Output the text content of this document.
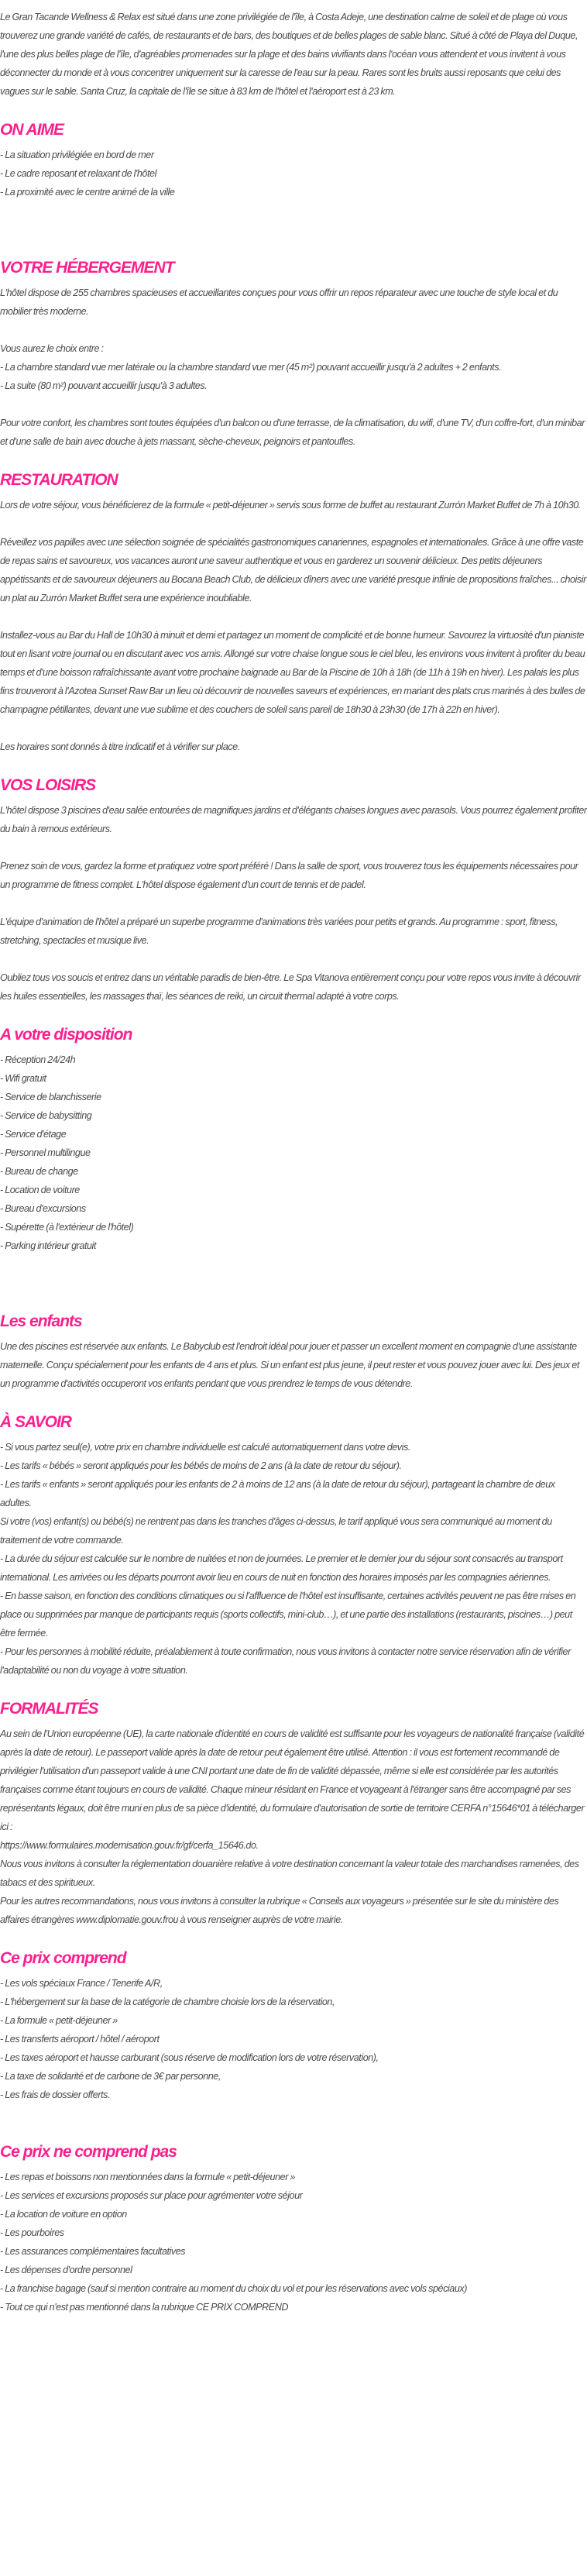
Le Gran Tacande Wellness & Relax est situé dans une zone privilégiée de l'île, à Costa Adeje, une destination calme de soleil et de plage où vous trouverez une grande variété de cafés, de restaurants et de bars, des boutiques et de belles plages de sable blanc. Situé à côté de Playa del Duque, l'une des plus belles plage de l'île, d'agréables promenades sur la plage et des bains vivifiants dans l'océan vous attendent et vous invitent à vous déconnecter du monde et à vous concentrer uniquement sur la caresse de l'eau sur la peau. Rares sont les bruits aussi reposants que celui des vagues sur le sable. Santa Cruz, la capitale de l'île se situe à 83 km de l'hôtel et l'aéroport est à 23 km.

ON AIME
- La situation privilégiée en bord de mer
- Le cadre reposant et relaxant de l'hôtel
- La proximité avec le centre animé de la ville
VOTRE HÉBERGEMENT

L'hôtel dispose de 255 chambres spacieuses et accueillantes conçues pour vous offrir un repos réparateur avec une touche de style local et du mobilier très moderne.

Vous aurez le choix entre :

- La chambre standard vue mer latérale ou la chambre standard vue mer (45 m²) pouvant accueillir jusqu'à 2 adultes + 2 enfants.

- La suite (80 m²) pouvant accueillir jusqu'à 3 adultes.

Pour votre confort, les chambres sont toutes équipées d'un balcon ou d'une terrasse, de la climatisation, du wifi, d'une TV, d'un coffre-fort, d'un minibar et d'une salle de bain avec douche à jets massant, sèche-cheveux, peignoirs et pantoufles.

RESTAURATION

Lors de votre séjour, vous bénéficierez de la formule « petit-déjeuner » servis sous forme de buffet au restaurant Zurrón Market Buffet de 7h à 10h30.

Réveillez vos papilles avec une sélection soignée de spécialités gastronomiques canariennes, espagnoles et internationales. Grâce à une offre vaste de repas sains et savoureux, vos vacances auront une saveur authentique et vous en garderez un souvenir délicieux. Des petits déjeuners appétissants et de savoureux déjeuners au Bocana Beach Club, de délicieux dîners avec une variété presque infinie de propositions fraîches... choisir un plat au Zurrón Market Buffet sera une expérience inoubliable.

Installez-vous au Bar du Hall de 10h30 à minuit et demi et partagez un moment de complicité et de bonne humeur. Savourez la virtuosité d'un pianiste tout en lisant votre journal ou en discutant avec vos amis. Allongé sur votre chaise longue sous le ciel bleu, les environs vous invitent à profiter du beau temps et d'une boisson rafraîchissante avant votre prochaine baignade au Bar de la Piscine de 10h à 18h (de 11h à 19h en hiver). Les palais les plus fins trouveront à l'Azotea Sunset Raw Bar un lieu où découvrir de nouvelles saveurs et expériences, en mariant des plats crus marinés à des bulles de champagne pétillantes, devant une vue sublime et des couchers de soleil sans pareil de 18h30 à 23h30 (de 17h à 22h en hiver).

Les horaires sont donnés à titre indicatif et à vérifier sur place.

VOS LOISIRS

L'hôtel dispose 3 piscines d'eau salée entourées de magnifiques jardins et d'élégants chaises longues avec parasols. Vous pourrez également profiter du bain à remous extérieurs.

Prenez soin de vous, gardez la forme et pratiquez votre sport préféré ! Dans la salle de sport, vous trouverez tous les équipements nécessaires pour un programme de fitness complet. L'hôtel dispose également d'un court de tennis et de padel.

L'équipe d'animation de l'hôtel a préparé un superbe programme d'animations très variées pour petits et grands. Au programme : sport, fitness, stretching, spectacles et musique live.

Oubliez tous vos soucis et entrez dans un véritable paradis de bien-être. Le Spa Vitanova entièrement conçu pour votre repos vous invite à découvrir les huiles essentielles, les massages thaï, les séances de reiki, un circuit thermal adapté à votre corps.

A votre disposition
- Réception 24/24h
- Wifi gratuit
- Service de blanchisserie
- Service de babysitting
- Service d'étage
- Personnel multilingue
- Bureau de change
- Location de voiture
- Bureau d'excursions
- Supérette (à l'extérieur de l'hôtel)
- Parking intérieur gratuit
Les enfants

Une des piscines est réservée aux enfants. Le Babyclub est l'endroit idéal pour jouer et passer un excellent moment en compagnie d'une assistante maternelle. Conçu spécialement pour les enfants de 4 ans et plus. Si un enfant est plus jeune, il peut rester et vous pouvez jouer avec lui. Des jeux et un programme d'activités occuperont vos enfants pendant que vous prendrez le temps de vous détendre.

À SAVOIR
- Si vous partez seul(e), votre prix en chambre individuelle est calculé automatiquement dans votre devis.
- Les tarifs « bébés » seront appliqués pour les bébés de moins de 2 ans (à la date de retour du séjour).
- Les tarifs « enfants » seront appliqués pour les enfants de 2 à moins de 12 ans (à la date de retour du séjour), partageant la chambre de deux adultes.
Si votre (vos) enfant(s) ou bébé(s) ne rentrent pas dans les tranches d'âges ci-dessus, le tarif appliqué vous sera communiqué au moment du traitement de votre commande.
- La durée du séjour est calculée sur le nombre de nuitées et non de journées. Le premier et le dernier jour du séjour sont consacrés au transport international. Les arrivées ou les départs pourront avoir lieu en cours de nuit en fonction des horaires imposés par les compagnies aériennes.
- En basse saison, en fonction des conditions climatiques ou si l'affluence de l'hôtel est insuffisante, certaines activités peuvent ne pas être mises en place ou supprimées par manque de participants requis (sports collectifs, mini-club…), et une partie des installations (restaurants, piscines…) peut être fermée.
- Pour les personnes à mobilité réduite, préalablement à toute confirmation, nous vous invitons à contacter notre service réservation afin de vérifier l'adaptabilité ou non du voyage à votre situation.
FORMALITÉS

Au sein de l'Union européenne (UE), la carte nationale d'identité en cours de validité est suffisante pour les voyageurs de nationalité française (validité après la date de retour). Le passeport valide après la date de retour peut également être utilisé. Attention : il vous est fortement recommandé de privilégier l'utilisation d'un passeport valide à une CNI portant une date de fin de validité dépassée, même si elle est considérée par les autorités françaises comme étant toujours en cours de validité. Chaque mineur résidant en France et voyageant à l'étranger sans être accompagné par ses représentants légaux, doit être muni en plus de sa pièce d'identité, du formulaire d'autorisation de sortie de territoire CERFA n°15646*01 à télécharger ici :

https://www.formulaires.modernisation.gouv.fr/gf/cerfa_15646.do.

Nous vous invitons à consulter la réglementation douanière relative à votre destination concernant la valeur totale des marchandises ramenées, des tabacs et des spiritueux.

Pour les autres recommandations, nous vous invitons à consulter la rubrique « Conseils aux voyageurs » présentée sur le site du ministère des affaires étrangères www.diplomatie.gouv.frou à vous renseigner auprès de votre mairie.

Ce prix comprend
- Les vols spéciaux France / Tenerife A/R,
- L'hébergement sur la base de la catégorie de chambre choisie lors de la réservation,
- La formule « petit-déjeuner »
- Les transferts aéroport / hôtel / aéroport
- Les taxes aéroport et hausse carburant (sous réserve de modification lors de votre réservation),
- La taxe de solidarité et de carbone de 3€ par personne,
- Les frais de dossier offerts.
Ce prix ne comprend pas
- Les repas et boissons non mentionnées dans la formule « petit-déjeuner »
- Les services et excursions proposés sur place pour agrémenter votre séjour
- La location de voiture en option
- Les pourboires
- Les assurances complémentaires facultatives
- Les dépenses d'ordre personnel
- La franchise bagage (sauf si mention contraire au moment du choix du vol et pour les réservations avec vols spéciaux)
- Tout ce qui n'est pas mentionné dans la rubrique CE PRIX COMPREND
